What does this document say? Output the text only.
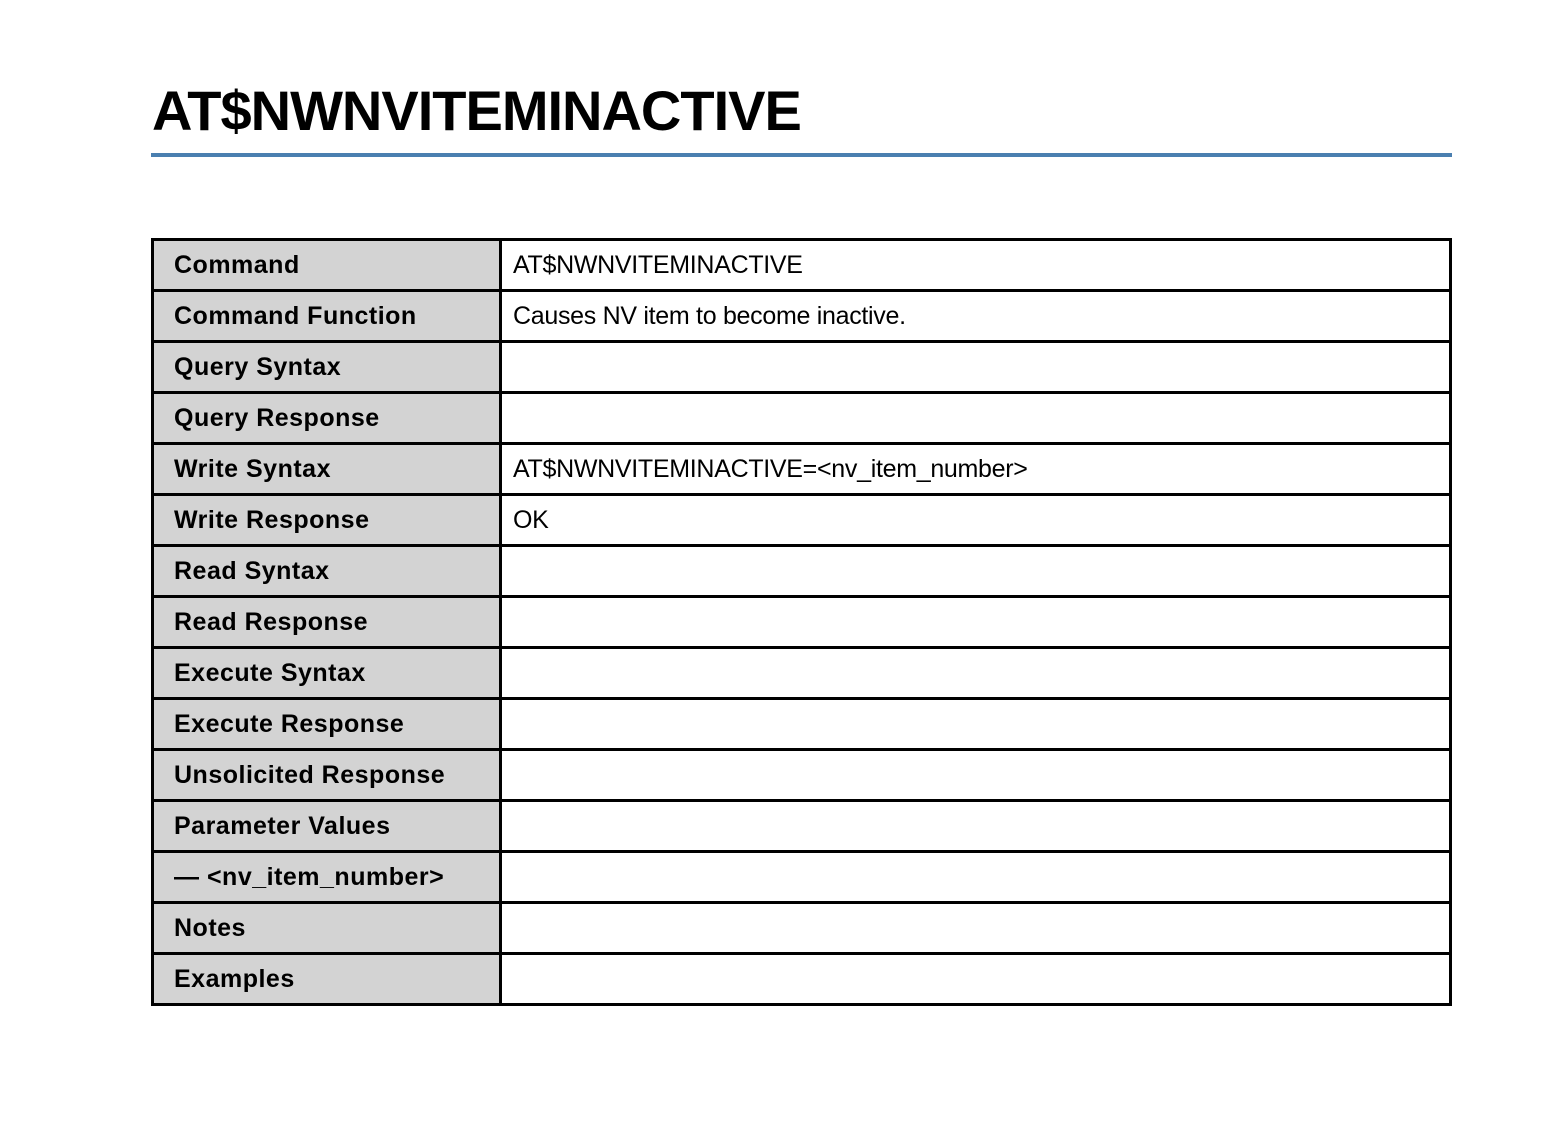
AT$NWNVITEMINACTIVE
Command	AT$NWNVITEMINACTIVE
Command Function	Causes NV item to become inactive.
Query Syntax	
Query Response	
Write Syntax	AT$NWNVITEMINACTIVE=<nv_item_number>
Write Response	OK
Read Syntax	
Read Response	
Execute Syntax	
Execute Response	
Unsolicited Response	
Parameter Values	
— <nv_item_number>	
Notes	
Examples	
